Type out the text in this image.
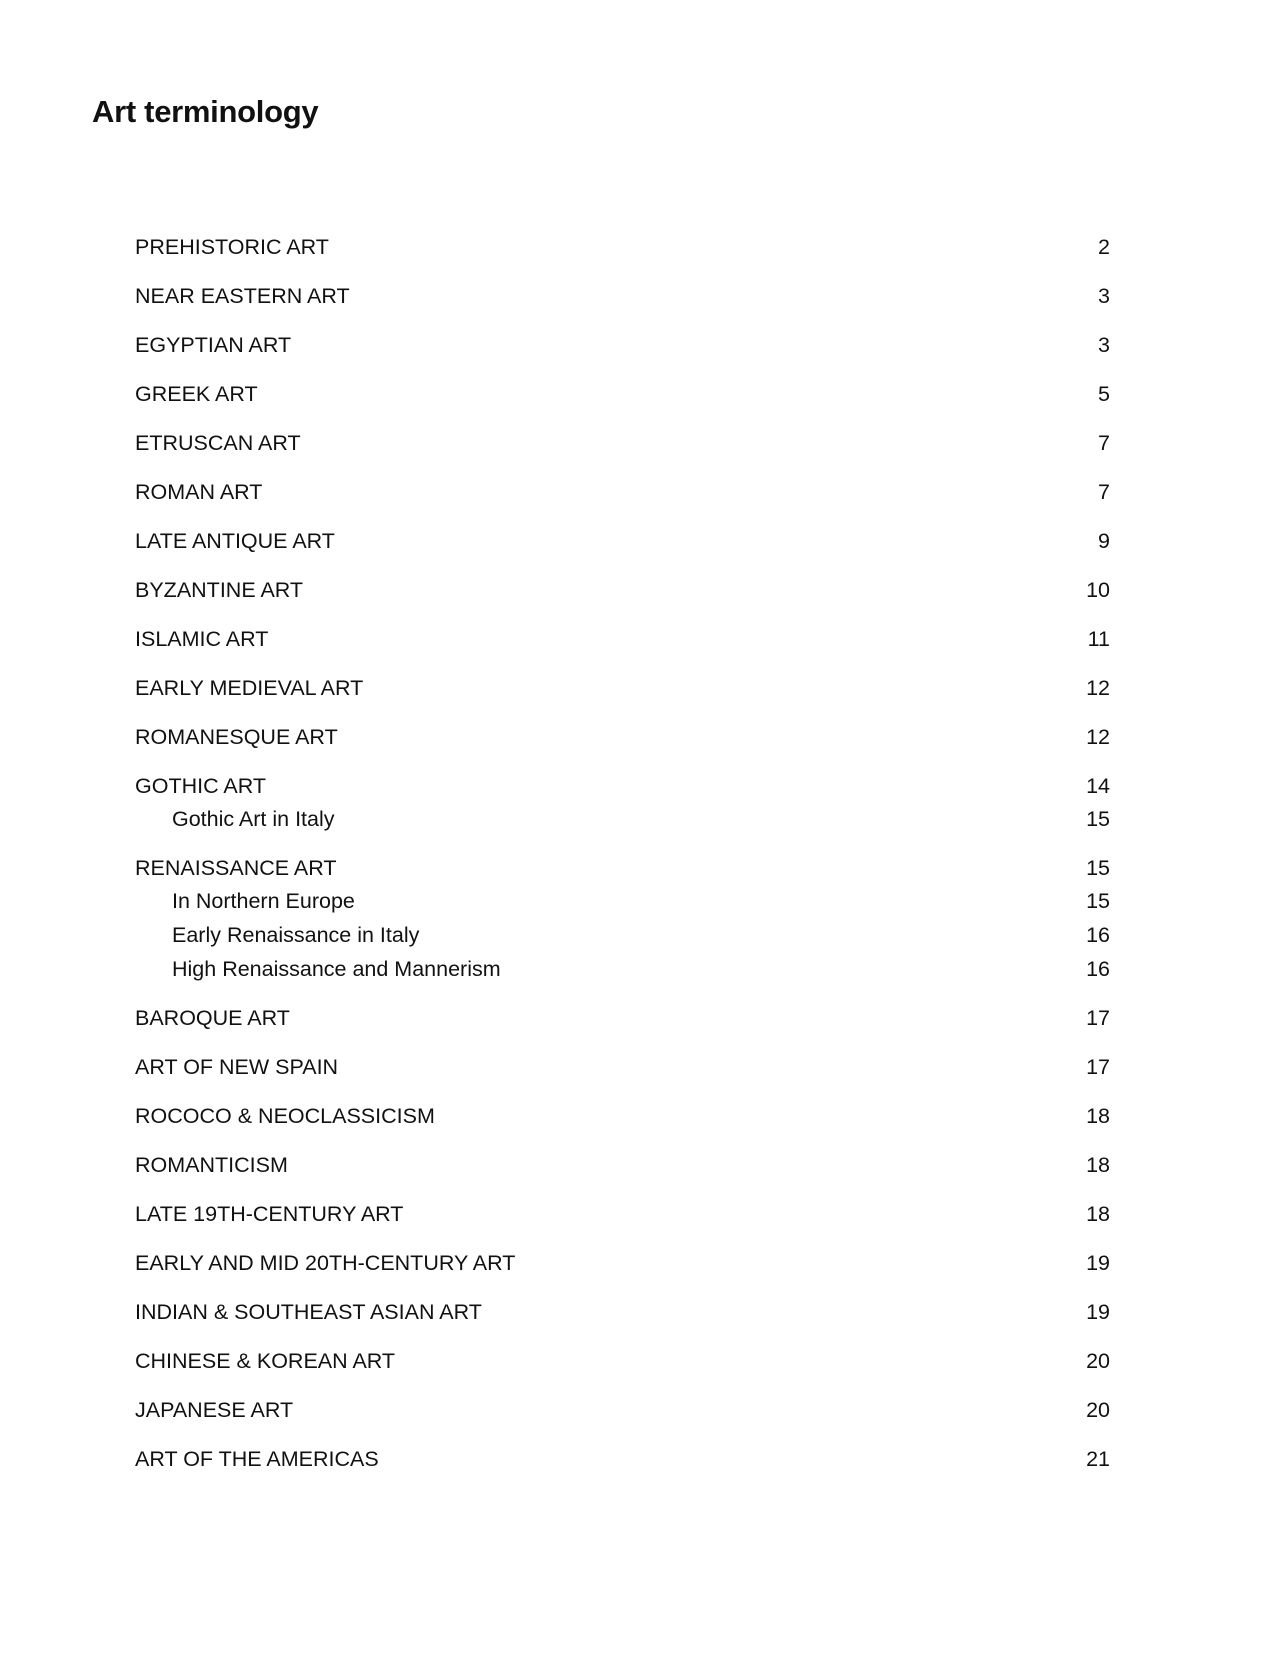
Art terminology
PREHISTORIC ART	2
NEAR EASTERN ART	3
EGYPTIAN ART	3
GREEK ART	5
ETRUSCAN ART	7
ROMAN ART	7
LATE ANTIQUE ART	9
BYZANTINE ART	10
ISLAMIC ART	11
EARLY MEDIEVAL ART	12
ROMANESQUE ART	12
GOTHIC ART	14
Gothic Art in Italy	15
RENAISSANCE ART	15
In Northern Europe	15
Early Renaissance in Italy	16
High Renaissance and Mannerism	16
BAROQUE ART	17
ART OF NEW SPAIN	17
ROCOCO & NEOCLASSICISM	18
ROMANTICISM	18
LATE 19TH-CENTURY ART	18
EARLY AND MID 20TH-CENTURY ART	19
INDIAN & SOUTHEAST ASIAN ART	19
CHINESE & KOREAN ART	20
JAPANESE ART	20
ART OF THE AMERICAS	21
